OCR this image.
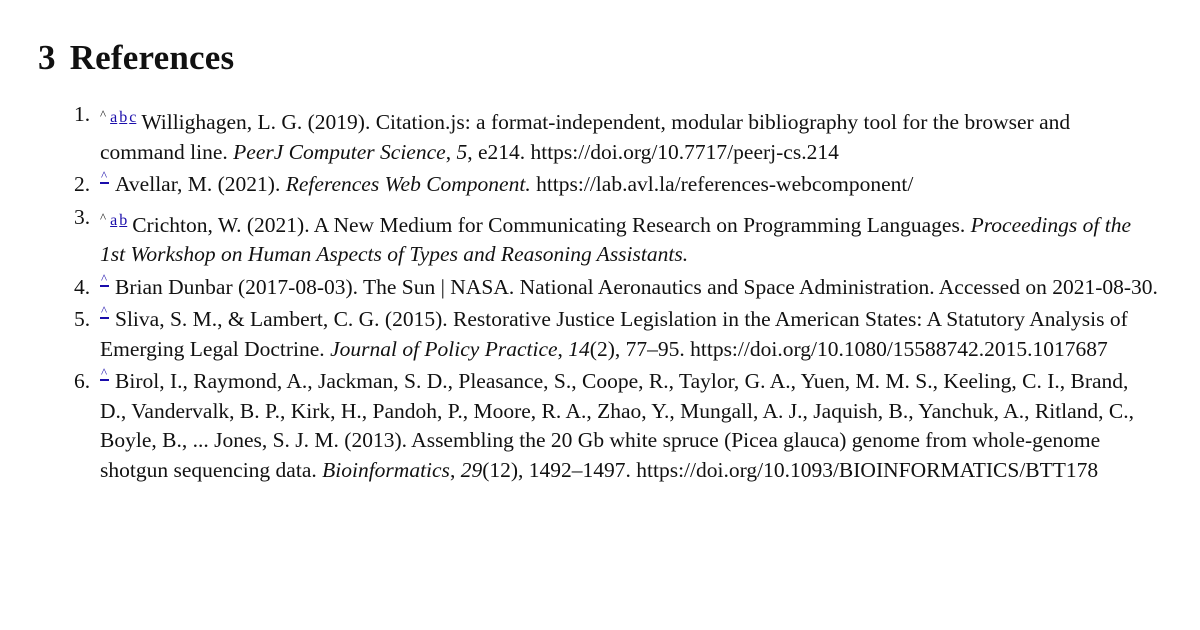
3 References
1. ^ $^a$ $^b$ $^c$ Willighagen, L. G. (2019). Citation.js: a format-independent, modular bibliography tool for the browser and command line. PeerJ Computer Science, 5, e214. https://doi.org/10.7717/peerj-cs.214
2. ^ Avellar, M. (2021). References Web Component. https://lab.avl.la/references-webcomponent/
3. ^ $^a$ $^b$ Crichton, W. (2021). A New Medium for Communicating Research on Programming Languages. Proceedings of the 1st Workshop on Human Aspects of Types and Reasoning Assistants.
4. ^ Brian Dunbar (2017-08-03). The Sun | NASA. National Aeronautics and Space Administration. Accessed on 2021-08-30.
5. ^ Sliva, S. M., & Lambert, C. G. (2015). Restorative Justice Legislation in the American States: A Statutory Analysis of Emerging Legal Doctrine. Journal of Policy Practice, 14(2), 77–95. https://doi.org/10.1080/15588742.2015.1017687
6. ^ Birol, I., Raymond, A., Jackman, S. D., Pleasance, S., Coope, R., Taylor, G. A., Yuen, M. M. S., Keeling, C. I., Brand, D., Vandervalk, B. P., Kirk, H., Pandoh, P., Moore, R. A., Zhao, Y., Mungall, A. J., Jaquish, B., Yanchuk, A., Ritland, C., Boyle, B., ... Jones, S. J. M. (2013). Assembling the 20 Gb white spruce (Picea glauca) genome from whole-genome shotgun sequencing data. Bioinformatics, 29(12), 1492–1497. https://doi.org/10.1093/BIOINFORMATICS/BTT178
